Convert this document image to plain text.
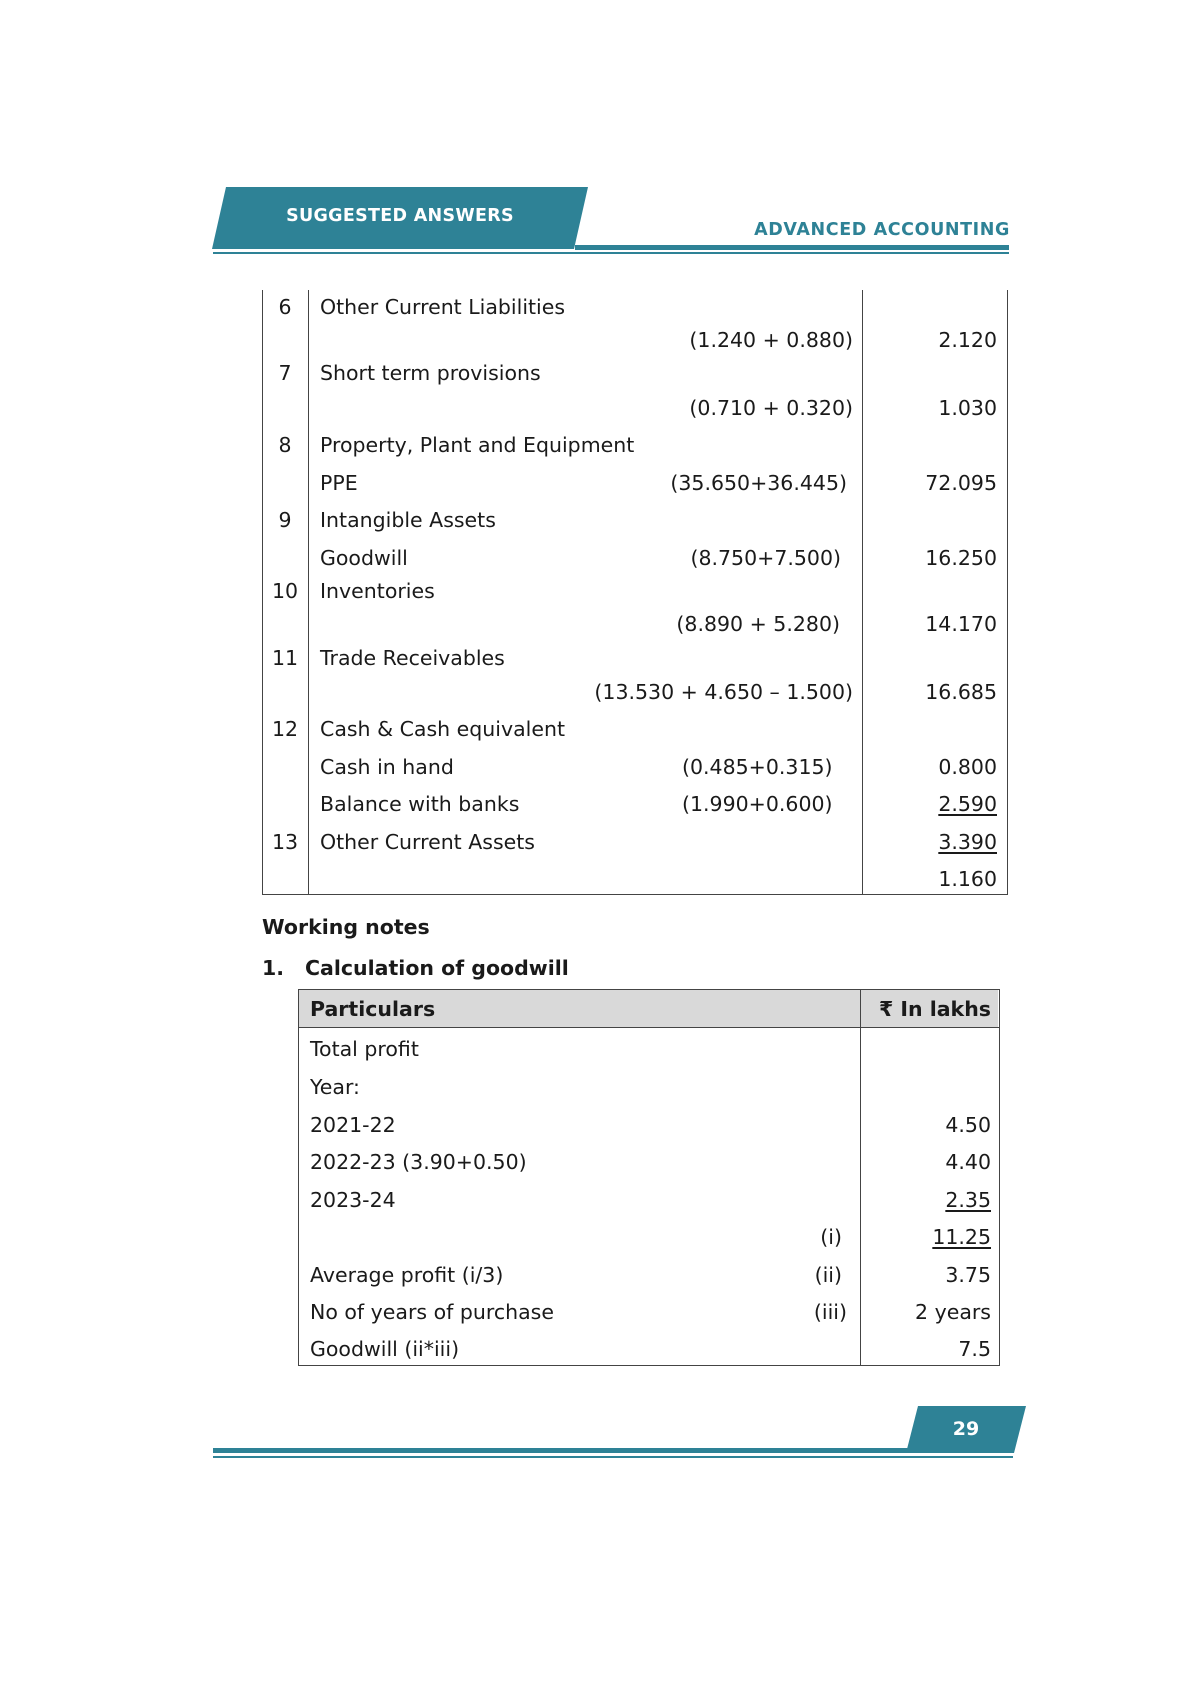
SUGGESTED ANSWERS
ADVANCED ACCOUNTING
6	Other Current Liabilities
(1.240 + 0.880)	2.120
7	Short term provisions
(0.710 + 0.320)	1.030
8	Property, Plant and Equipment
PPE	(35.650+36.445)	72.095
9	Intangible Assets
Goodwill	(8.750+7.500)	16.250
10	Inventories
(8.890 + 5.280)	14.170
11	Trade Receivables
(13.530 + 4.650 – 1.500)	16.685
12	Cash & Cash equivalent
Cash in hand	(0.485+0.315)	0.800
Balance with banks	(1.990+0.600)	2.590
13	Other Current Assets	3.390
1.160
Working notes
1. Calculation of goodwill
Particulars	₹ In lakhs
Total profit
Year:
2021-22	4.50
2022-23 (3.90+0.50)	4.40
2023-24	2.35
(i)	11.25
Average profit (i/3)	(ii)	3.75
No of years of purchase	(iii)	2 years
Goodwill (ii*iii)	7.5
29
